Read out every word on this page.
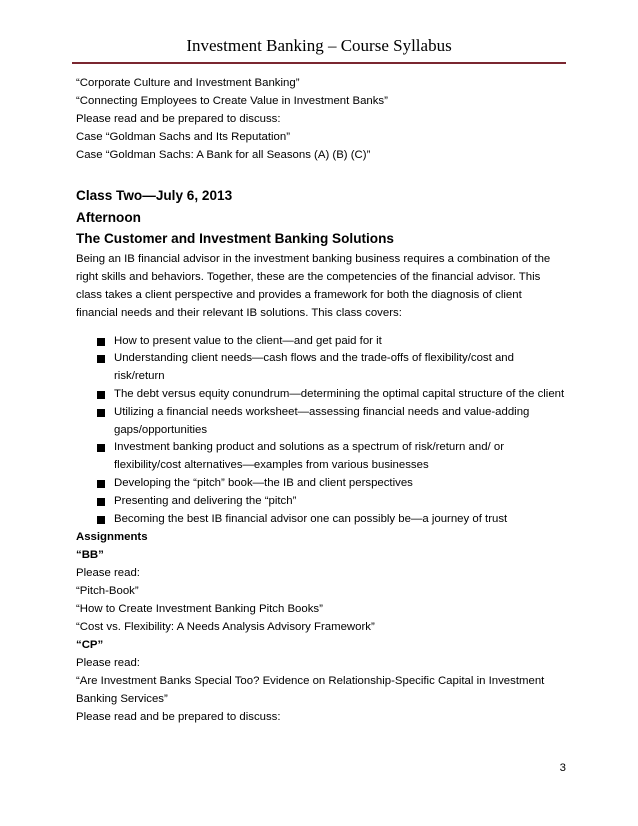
Investment Banking – Course Syllabus
“Corporate Culture and Investment Banking”
“Connecting Employees to Create Value in Investment Banks”
Please read and be prepared to discuss:
Case “Goldman Sachs and Its Reputation”
Case “Goldman Sachs: A Bank for all Seasons (A) (B) (C)”
Class Two—July 6, 2013
Afternoon
The Customer and Investment Banking Solutions
Being an IB financial advisor in the investment banking business requires a combination of the
right skills and behaviors. Together, these are the competencies of the financial advisor. This
class takes a client perspective and provides a framework for both the diagnosis of client
financial needs and their relevant IB solutions. This class covers:
How to present value to the client—and get paid for it
Understanding client needs—cash flows and the trade-offs of flexibility/cost and risk/return
The debt versus equity conundrum—determining the optimal capital structure of the client
Utilizing a financial needs worksheet—assessing financial needs and value-adding gaps/opportunities
Investment banking product and solutions as a spectrum of risk/return and/ or flexibility/cost alternatives—examples from various businesses
Developing the “pitch” book—the IB and client perspectives
Presenting and delivering the “pitch”
Becoming the best IB financial advisor one can possibly be—a journey of trust
Assignments
“BB”
Please read:
“Pitch-Book”
“How to Create Investment Banking Pitch Books”
“Cost vs. Flexibility: A Needs Analysis Advisory Framework”
“CP”
Please read:
“Are Investment Banks Special Too? Evidence on Relationship-Specific Capital in Investment
Banking Services”
Please read and be prepared to discuss:
3
